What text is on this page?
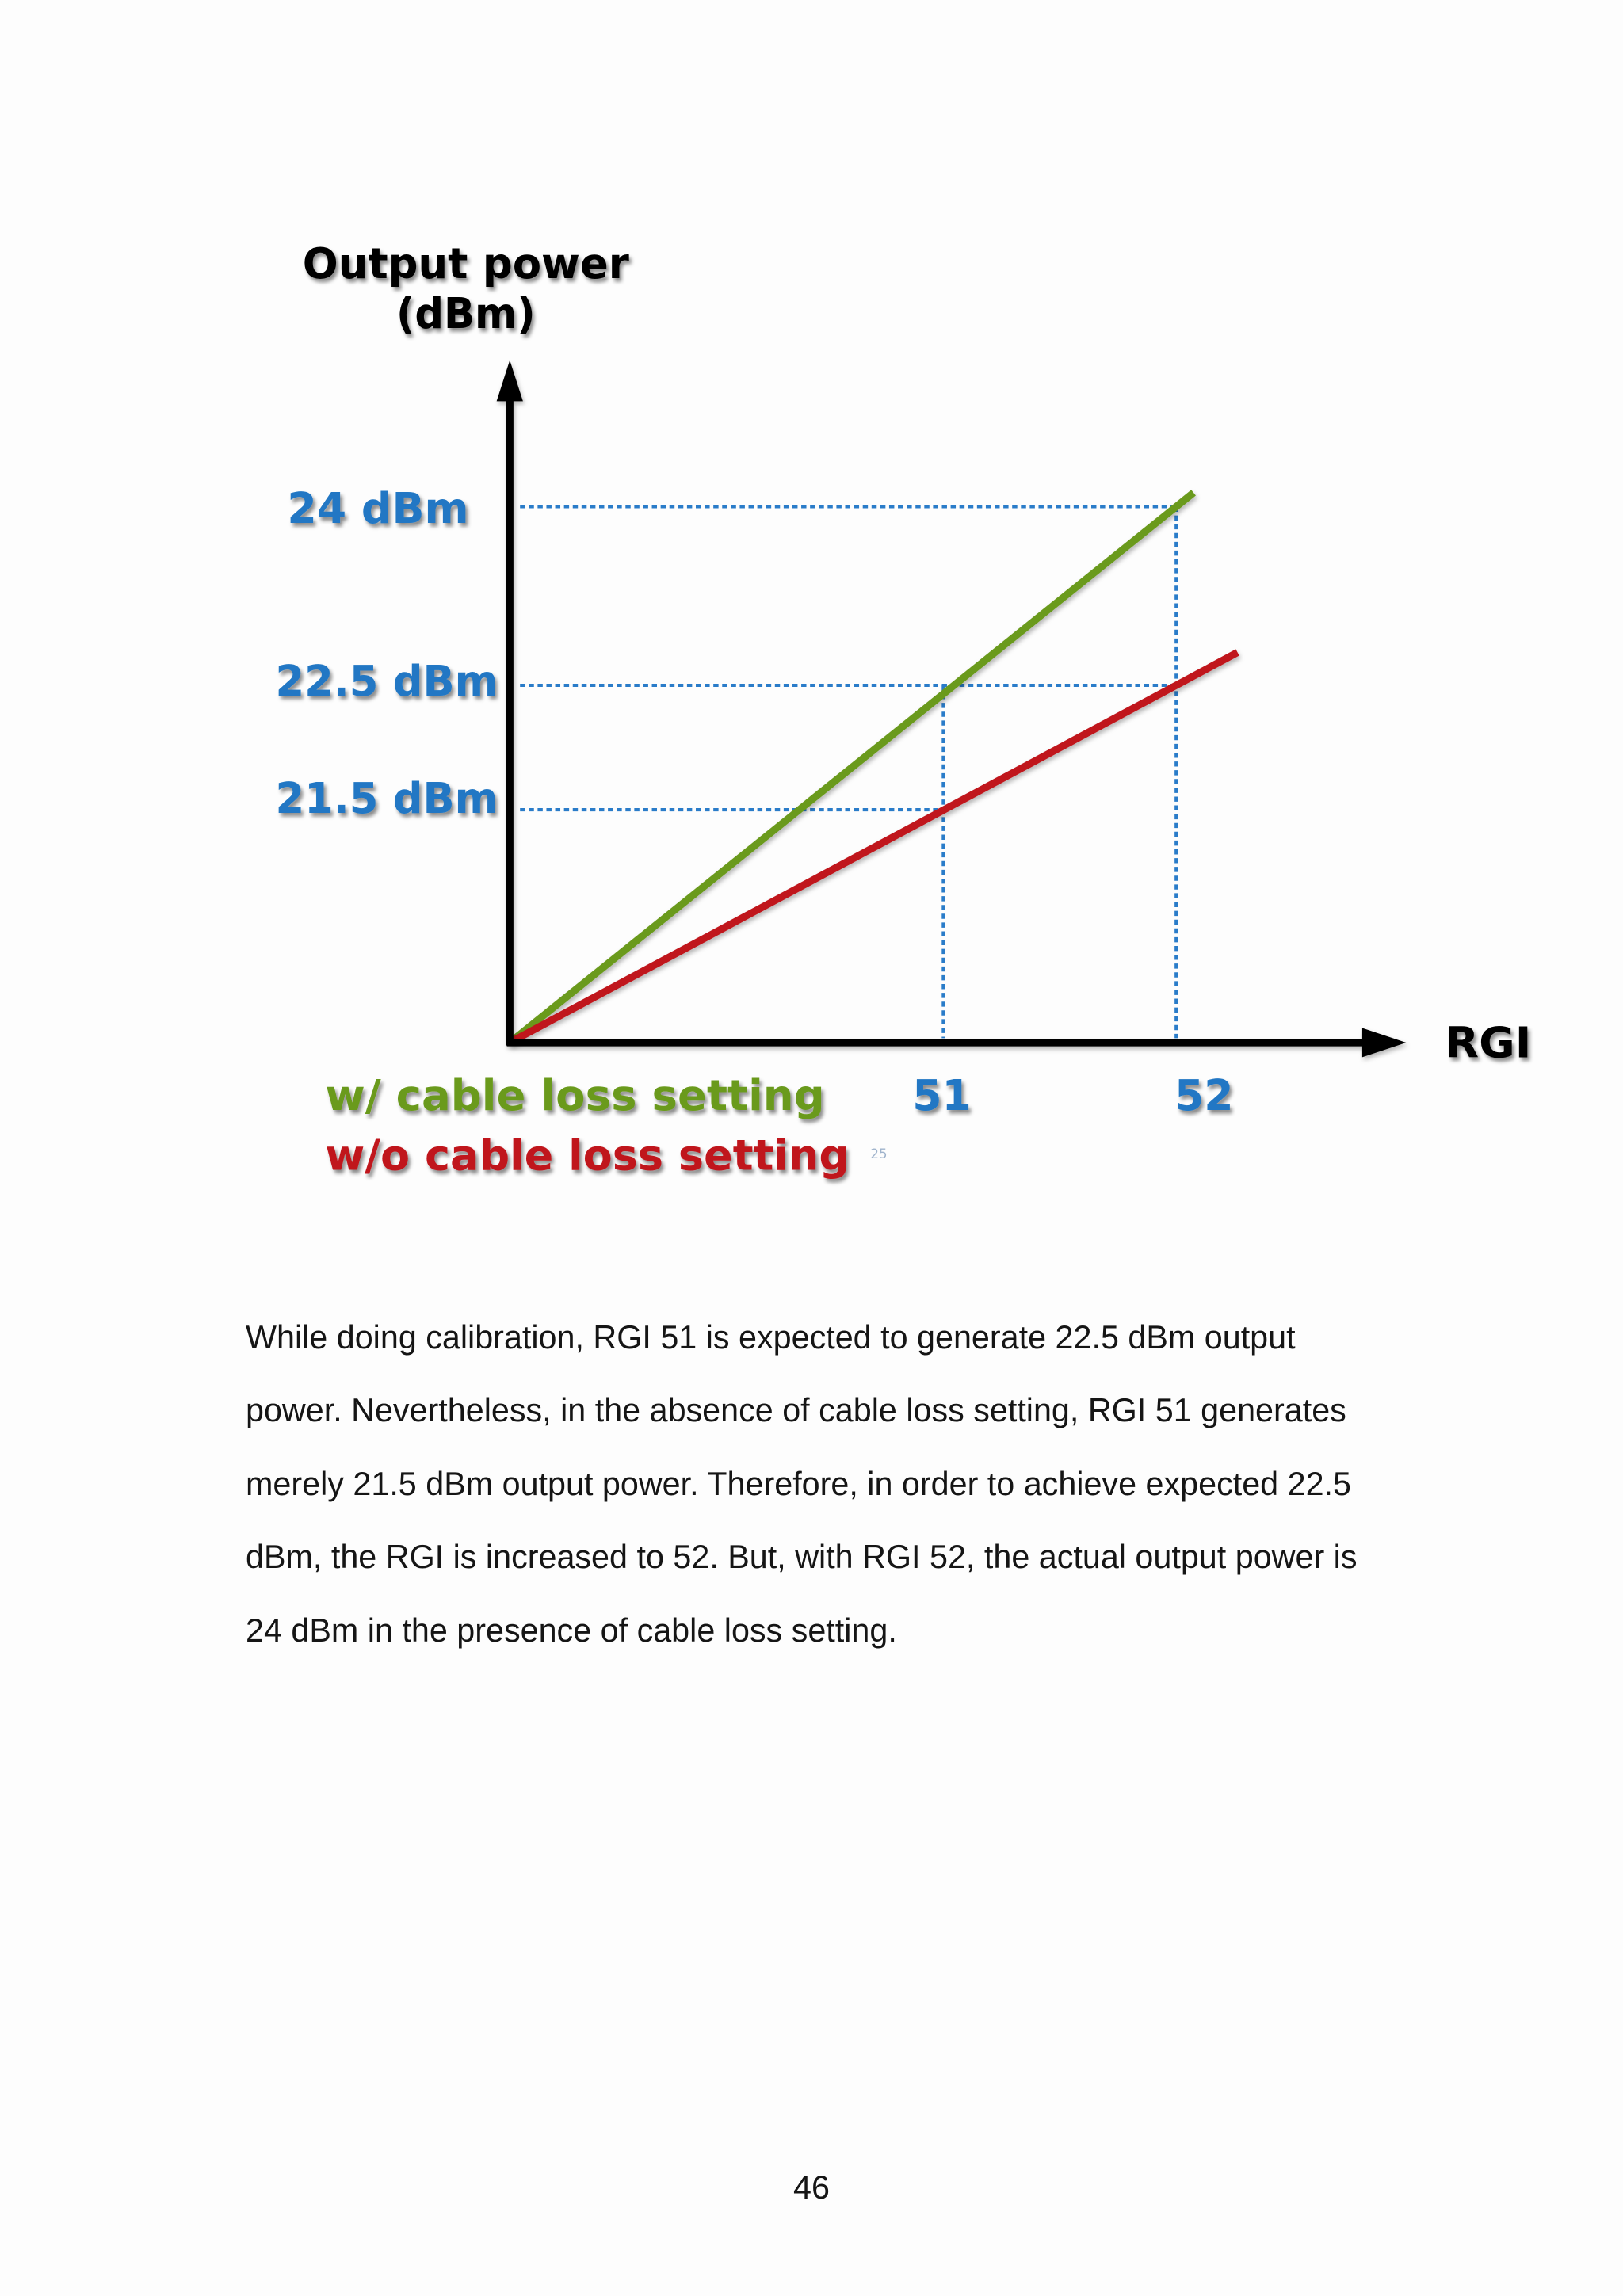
Output power
(dBm)
RGI
24 dBm
22.5 dBm
21.5 dBm
51	52
w/ cable loss setting
w/o cable loss setting	25
While doing calibration, RGI 51 is expected to generate 22.5 dBm output
power. Nevertheless, in the absence of cable loss setting, RGI 51 generates
merely 21.5 dBm output power. Therefore, in order to achieve expected 22.5
dBm, the RGI is increased to 52. But, with RGI 52, the actual output power is
24 dBm in the presence of cable loss setting.
46
